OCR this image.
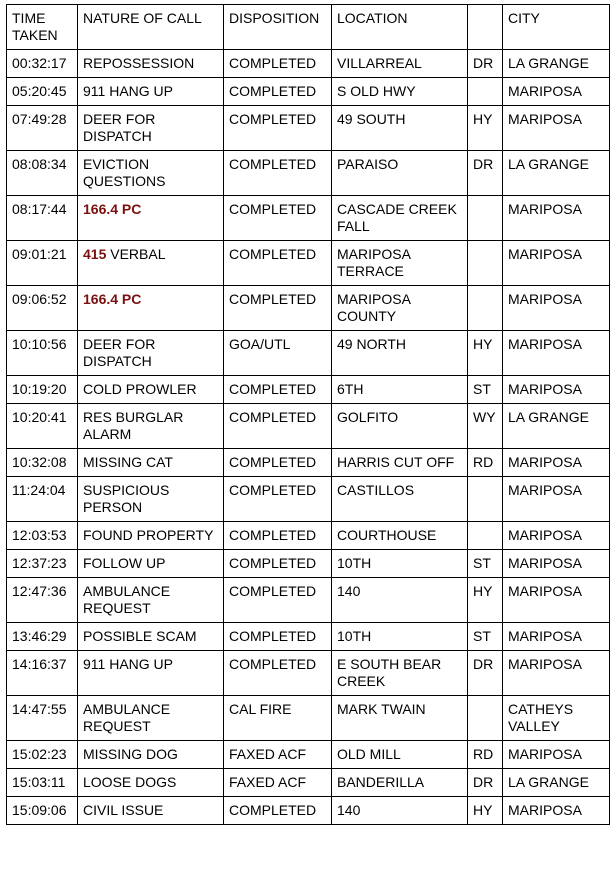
TIME TAKEN	NATURE OF CALL	DISPOSITION	LOCATION		CITY
00:32:17	REPOSSESSION	COMPLETED	VILLARREAL	DR	LA GRANGE
05:20:45	911 HANG UP	COMPLETED	S OLD HWY		MARIPOSA
07:49:28	DEER FOR DISPATCH	COMPLETED	49 SOUTH	HY	MARIPOSA
08:08:34	EVICTION QUESTIONS	COMPLETED	PARAISO	DR	LA GRANGE
08:17:44	166.4 PC	COMPLETED	CASCADE CREEK FALL		MARIPOSA
09:01:21	415 VERBAL	COMPLETED	MARIPOSA TERRACE		MARIPOSA
09:06:52	166.4 PC	COMPLETED	MARIPOSA COUNTY		MARIPOSA
10:10:56	DEER FOR DISPATCH	GOA/UTL	49 NORTH	HY	MARIPOSA
10:19:20	COLD PROWLER	COMPLETED	6TH	ST	MARIPOSA
10:20:41	RES BURGLAR ALARM	COMPLETED	GOLFITO	WY	LA GRANGE
10:32:08	MISSING CAT	COMPLETED	HARRIS CUT OFF	RD	MARIPOSA
11:24:04	SUSPICIOUS PERSON	COMPLETED	CASTILLOS		MARIPOSA
12:03:53	FOUND PROPERTY	COMPLETED	COURTHOUSE		MARIPOSA
12:37:23	FOLLOW UP	COMPLETED	10TH	ST	MARIPOSA
12:47:36	AMBULANCE REQUEST	COMPLETED	140	HY	MARIPOSA
13:46:29	POSSIBLE SCAM	COMPLETED	10TH	ST	MARIPOSA
14:16:37	911 HANG UP	COMPLETED	E SOUTH BEAR CREEK	DR	MARIPOSA
14:47:55	AMBULANCE REQUEST	CAL FIRE	MARK TWAIN		CATHEYS VALLEY
15:02:23	MISSING DOG	FAXED ACF	OLD MILL	RD	MARIPOSA
15:03:11	LOOSE DOGS	FAXED ACF	BANDERILLA	DR	LA GRANGE
15:09:06	CIVIL ISSUE	COMPLETED	140	HY	MARIPOSA
